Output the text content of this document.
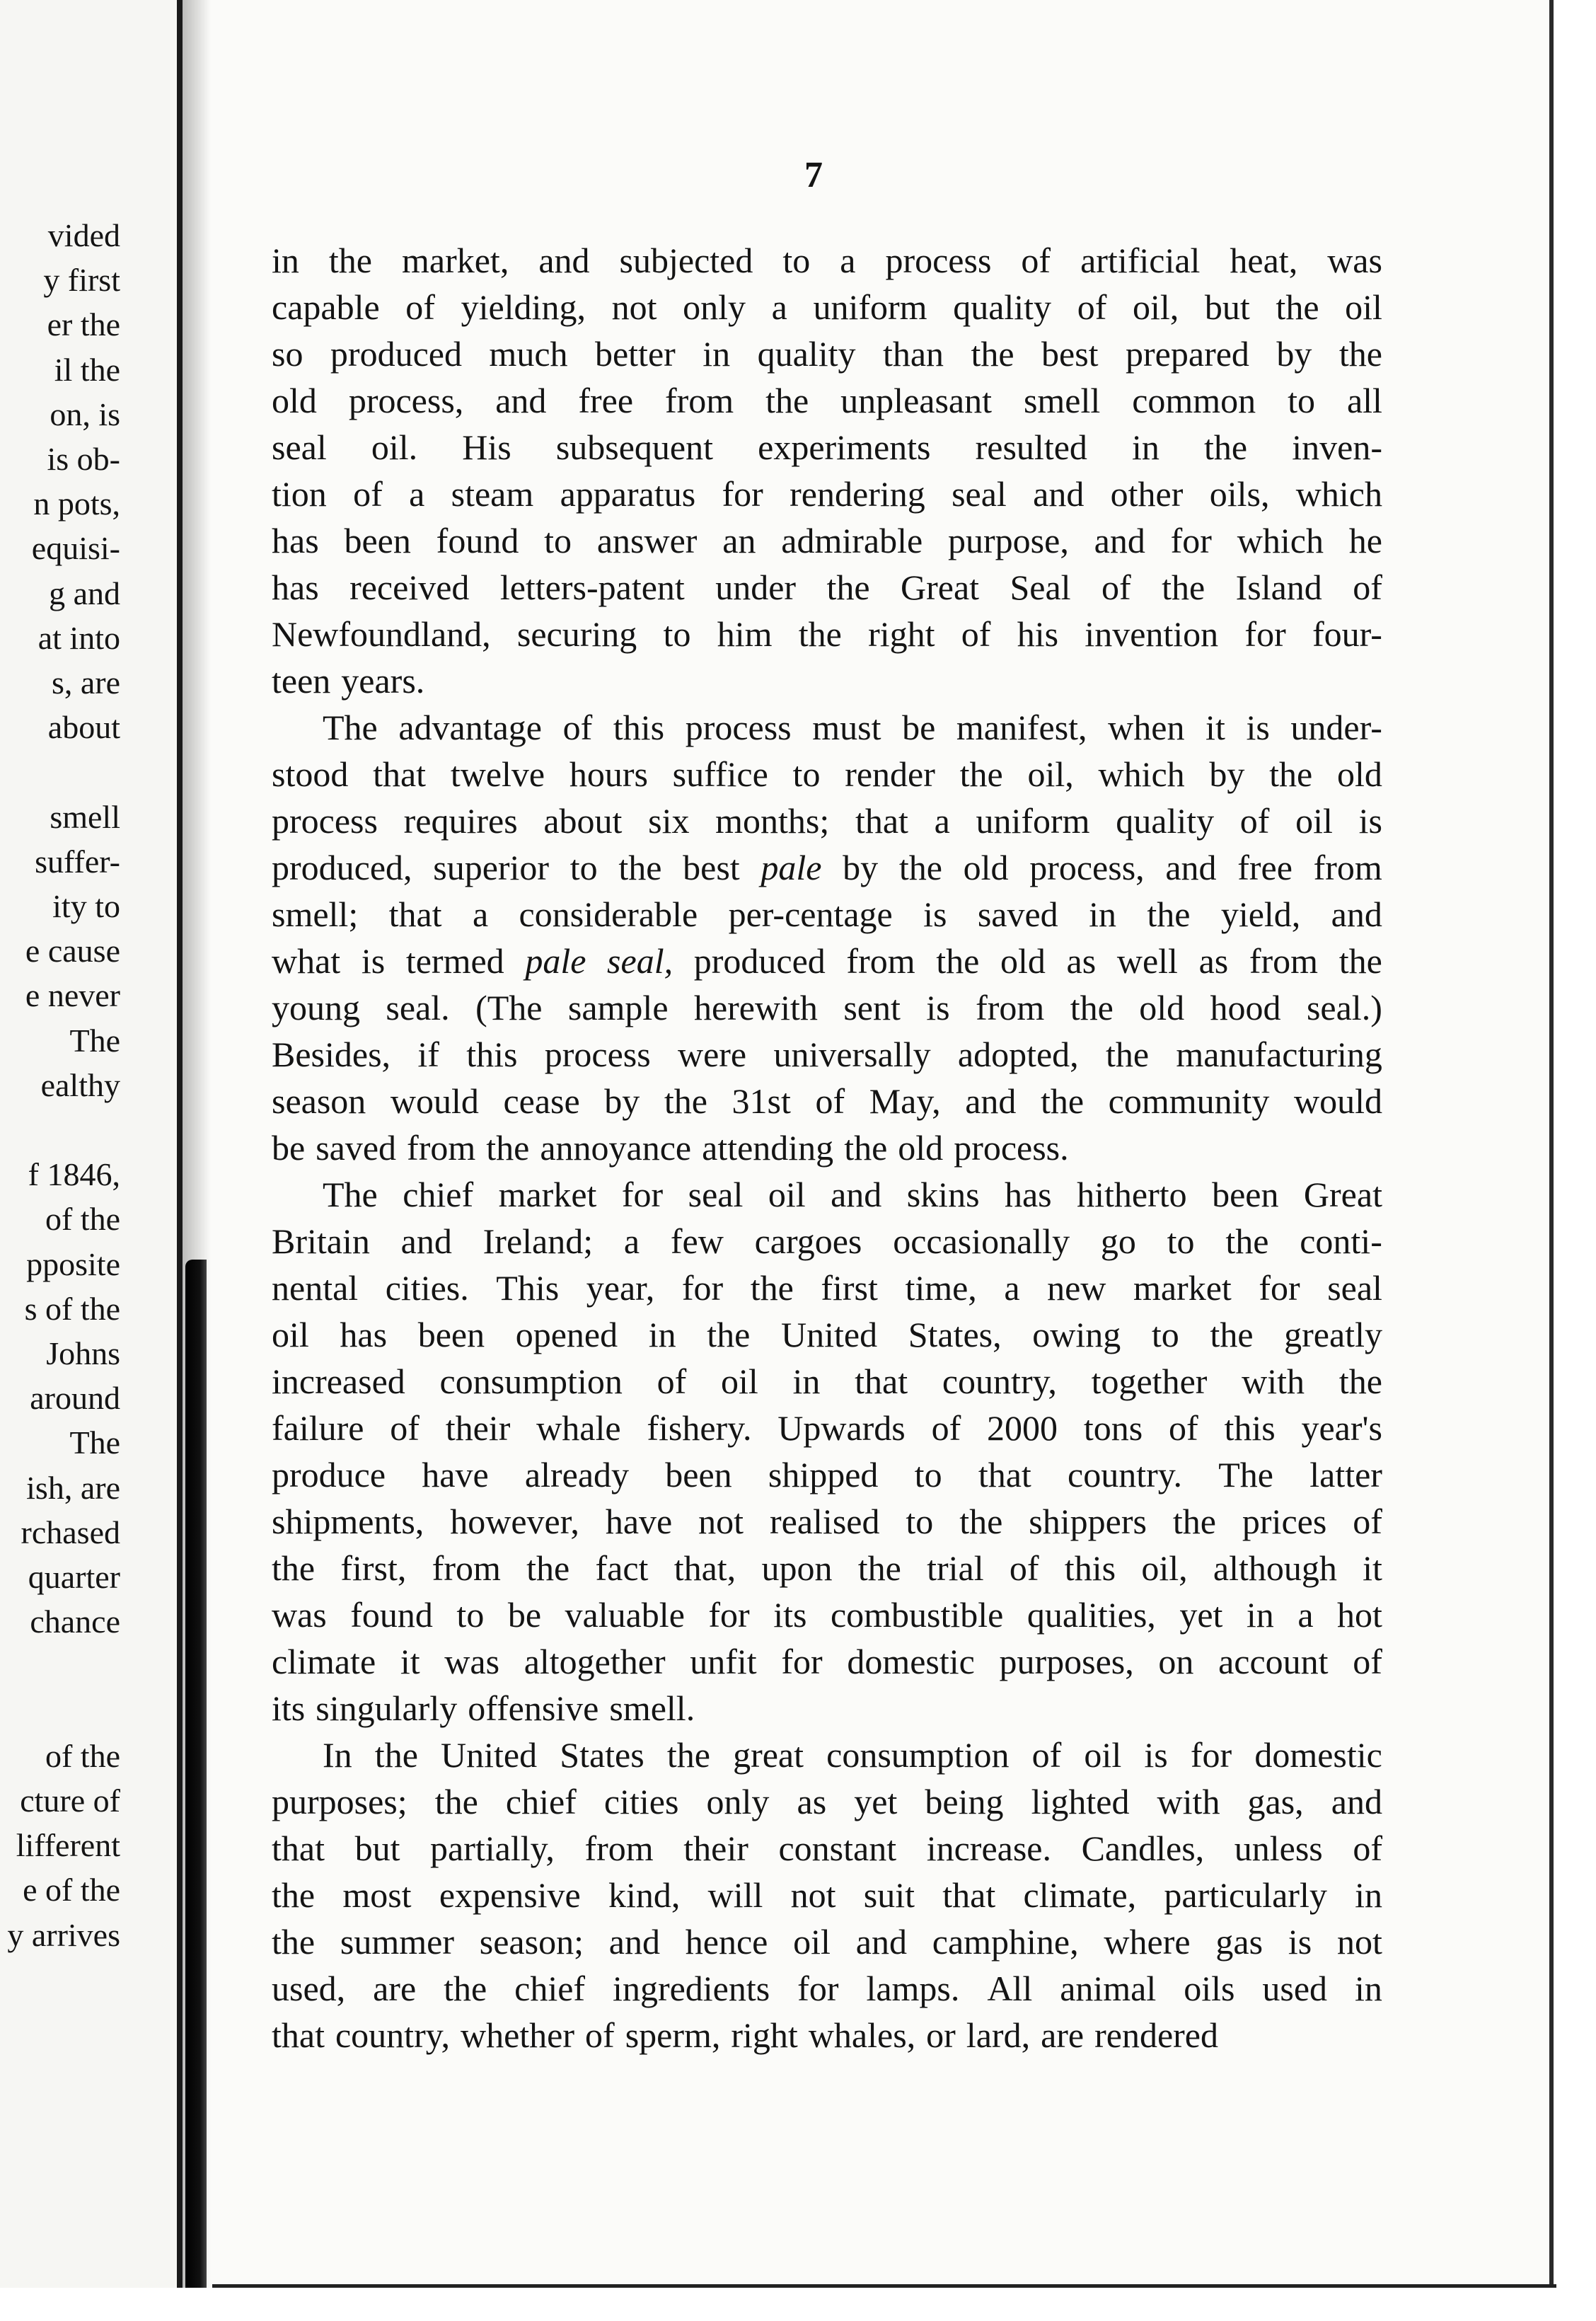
vided
y first
er the
il the
on, is
is ob-
n pots,
equisi-
g and
at into
s, are
about
smell
suffer-
ity to
e cause
e never
The
ealthy
f 1846,
of the
pposite
s of the
Johns
around
The
ish, are
rchased
quarter
chance
of the
cture of
lifferent
e of the
y arrives
7
in the market, and subjected to a process of artificial heat, was
capable of yielding, not only a uniform quality of oil, but the oil
so produced much better in quality than the best prepared by the
old process, and free from the unpleasant smell common to all
seal oil. His subsequent experiments resulted in the inven-
tion of a steam apparatus for rendering seal and other oils, which
has been found to answer an admirable purpose, and for which he
has received letters-patent under the Great Seal of the Island of
Newfoundland, securing to him the right of his invention for four-
teen years.
The advantage of this process must be manifest, when it is under-
stood that twelve hours suffice to render the oil, which by the old
process requires about six months; that a uniform quality of oil is
produced, superior to the best pale by the old process, and free from
smell; that a considerable per-centage is saved in the yield, and
what is termed pale seal, produced from the old as well as from the
young seal. (The sample herewith sent is from the old hood seal.)
Besides, if this process were universally adopted, the manufacturing
season would cease by the 31st of May, and the community would
be saved from the annoyance attending the old process.
The chief market for seal oil and skins has hitherto been Great
Britain and Ireland; a few cargoes occasionally go to the conti-
nental cities. This year, for the first time, a new market for seal
oil has been opened in the United States, owing to the greatly
increased consumption of oil in that country, together with the
failure of their whale fishery. Upwards of 2000 tons of this year's
produce have already been shipped to that country. The latter
shipments, however, have not realised to the shippers the prices of
the first, from the fact that, upon the trial of this oil, although it
was found to be valuable for its combustible qualities, yet in a hot
climate it was altogether unfit for domestic purposes, on account of
its singularly offensive smell.
In the United States the great consumption of oil is for domestic
purposes; the chief cities only as yet being lighted with gas, and
that but partially, from their constant increase. Candles, unless of
the most expensive kind, will not suit that climate, particularly in
the summer season; and hence oil and camphine, where gas is not
used, are the chief ingredients for lamps. All animal oils used in
that country, whether of sperm, right whales, or lard, are rendered
